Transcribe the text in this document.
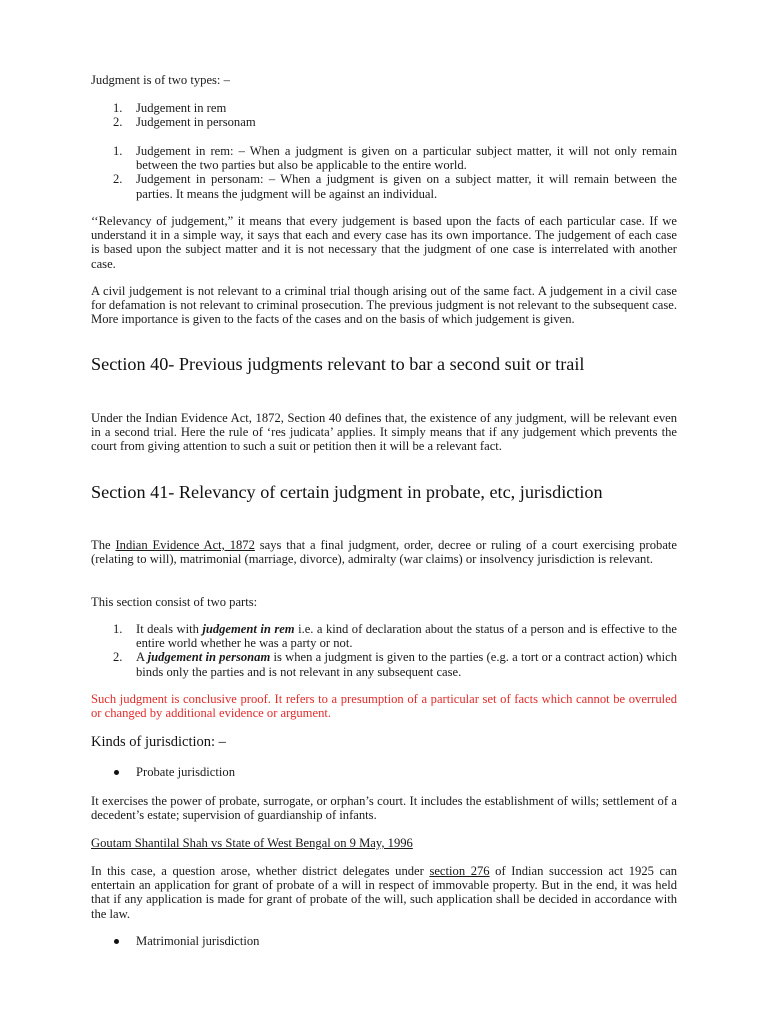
Judgment is of two types: –

1. Judgement in rem
2. Judgement in personam
1. Judgement in rem: – When a judgment is given on a particular subject matter, it will not only remain between the two parties but also be applicable to the entire world.
2. Judgement in personam: – When a judgment is given on a subject matter, it will remain between the parties. It means the judgment will be against an individual.

‘‘Relevancy of judgement,” it means that every judgement is based upon the facts of each particular case. If we understand it in a simple way, it says that each and every case has its own importance. The judgement of each case is based upon the subject matter and it is not necessary that the judgment of one case is interrelated with another case.

A civil judgement is not relevant to a criminal trial though arising out of the same fact. A judgement in a civil case for defamation is not relevant to criminal prosecution. The previous judgment is not relevant to the subsequent case. More importance is given to the facts of the cases and on the basis of which judgement is given.

Section 40- Previous judgments relevant to bar a second suit or trail

Under the Indian Evidence Act, 1872, Section 40 defines that, the existence of any judgment, will be relevant even in a second trial. Here the rule of ‘res judicata’ applies. It simply means that if any judgement which prevents the court from giving attention to such a suit or petition then it will be a relevant fact.

Section 41- Relevancy of certain judgment in probate, etc, jurisdiction

The Indian Evidence Act, 1872 says that a final judgment, order, decree or ruling of a court exercising probate (relating to will), matrimonial (marriage, divorce), admiralty (war claims) or insolvency jurisdiction is relevant.

This section consist of two parts:

1. It deals with judgement in rem i.e. a kind of declaration about the status of a person and is effective to the entire world whether he was a party or not.
2. A judgement in personam is when a judgment is given to the parties (e.g. a tort or a contract action) which binds only the parties and is not relevant in any subsequent case.

Such judgment is conclusive proof. It refers to a presumption of a particular set of facts which cannot be overruled or changed by additional evidence or argument.

Kinds of jurisdiction: –
Probate jurisdiction

It exercises the power of probate, surrogate, or orphan’s court. It includes the establishment of wills; settlement of a decedent’s estate; supervision of guardianship of infants.

Goutam Shantilal Shah vs State of West Bengal on 9 May, 1996

In this case, a question arose, whether district delegates under section 276 of Indian succession act 1925 can entertain an application for grant of probate of a will in respect of immovable property. But in the end, it was held that if any application is made for grant of probate of the will, such application shall be decided in accordance with the law.

Matrimonial jurisdiction
